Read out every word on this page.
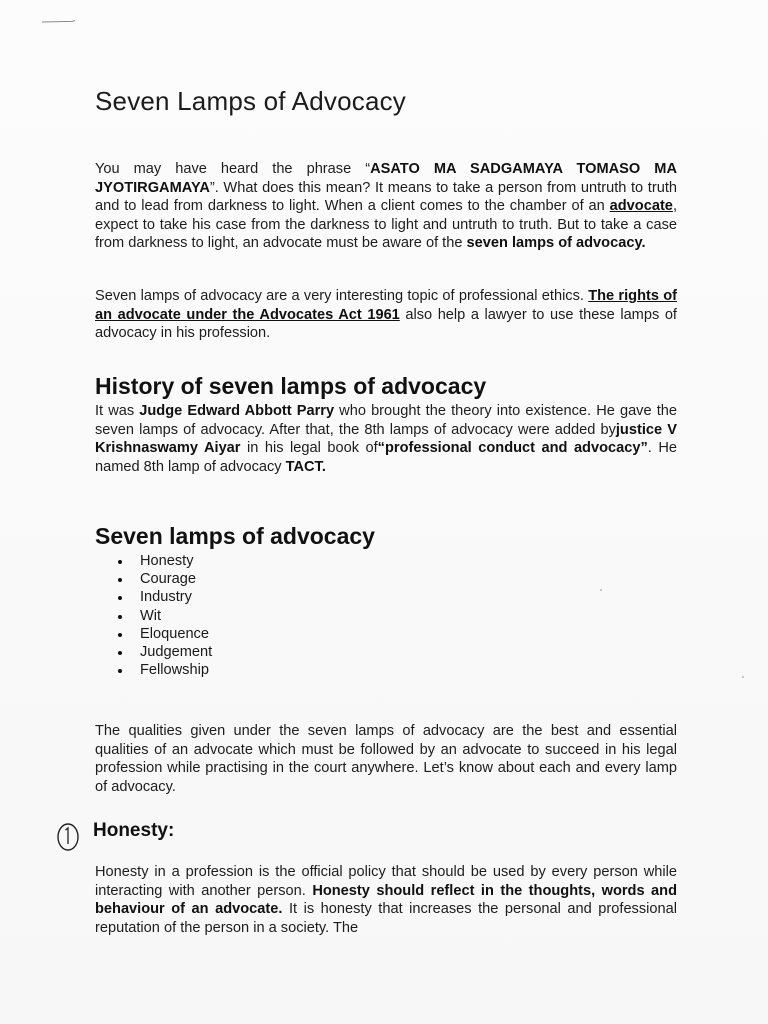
Seven Lamps of Advocacy

You may have heard the phrase “ASATO MA SADGAMAYA TOMASO MA JYOTIRGAMAYA”. What does this mean? It means to take a person from untruth to truth and to lead from darkness to light. When a client comes to the chamber of an advocate, expect to take his case from the darkness to light and untruth to truth. But to take a case from darkness to light, an advocate must be aware of the seven lamps of advocacy.

Seven lamps of advocacy are a very interesting topic of professional ethics. The rights of an advocate under the Advocates Act 1961 also help a lawyer to use these lamps of advocacy in his profession.

History of seven lamps of advocacy

It was Judge Edward Abbott Parry who brought the theory into existence. He gave the seven lamps of advocacy. After that, the 8th lamps of advocacy were added byjustice V Krishnaswamy Aiyar in his legal book of“professional conduct and advocacy”. He named 8th lamp of advocacy TACT.

Seven lamps of advocacy
Honesty
Courage
Industry
Wit
Eloquence
Judgement
Fellowship

The qualities given under the seven lamps of advocacy are the best and essential qualities of an advocate which must be followed by an advocate to succeed in his legal profession while practising in the court anywhere. Let’s know about each and every lamp of advocacy.

Honesty:

Honesty in a profession is the official policy that should be used by every person while interacting with another person. Honesty should reflect in the thoughts, words and behaviour of an advocate. It is honesty that increases the personal and professional reputation of the person in a society. The
